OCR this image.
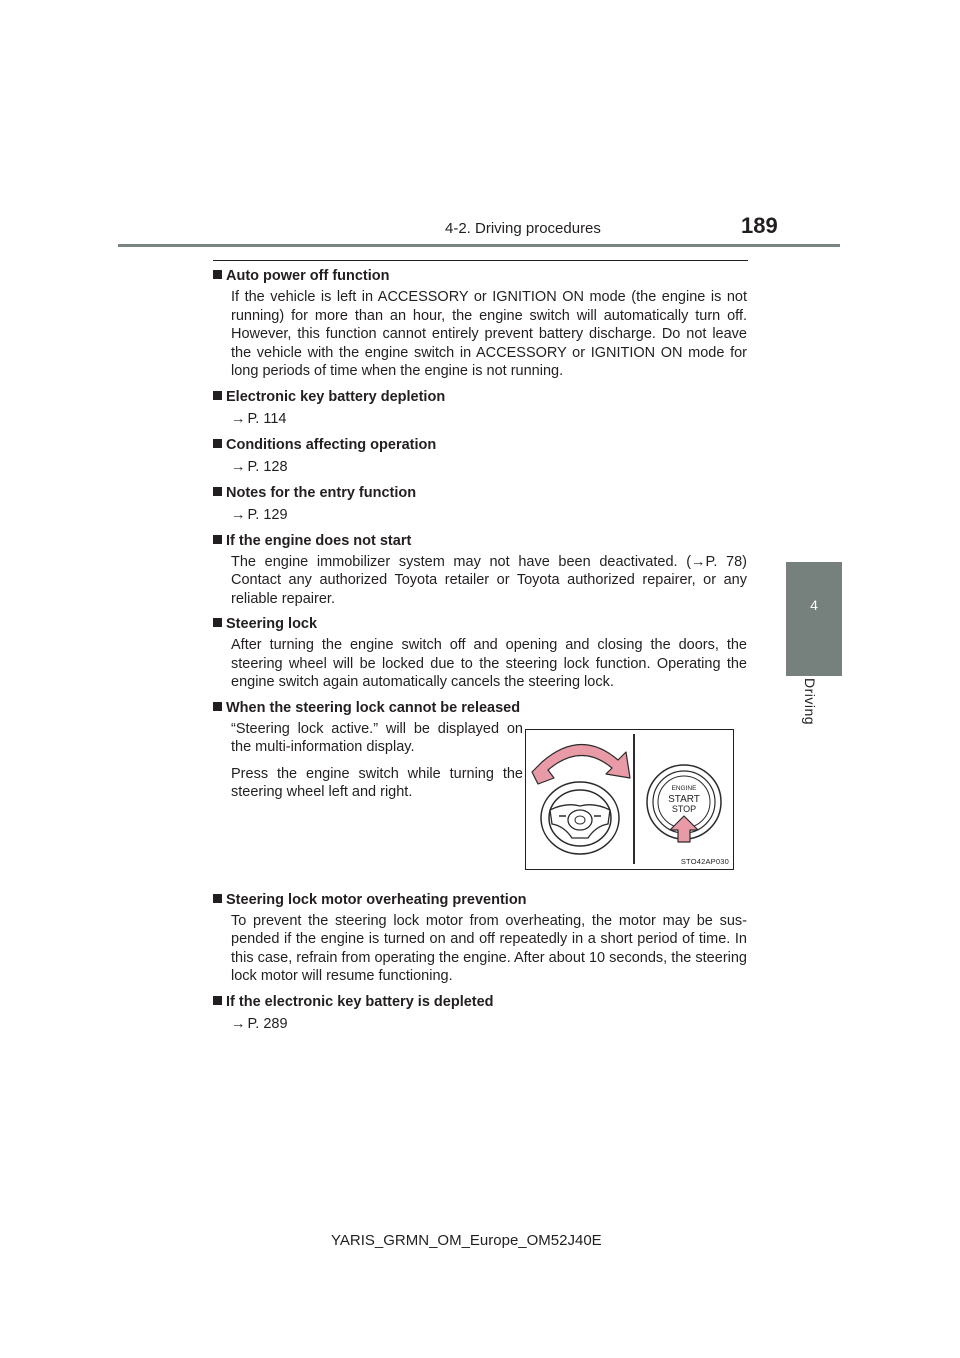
4-2. Driving procedures	189
4
Driving

Auto power off function

If the vehicle is left in ACCESSORY or IGNITION ON mode (the engine is not running) for more than an hour, the engine switch will automatically turn off. However, this function cannot entirely prevent battery discharge. Do not leave the vehicle with the engine switch in ACCESSORY or IGNITION ON mode for long periods of time when the engine is not running.

Electronic key battery depletion

→ P. 114

Conditions affecting operation

→ P. 128

Notes for the entry function

→ P. 129

If the engine does not start

The engine immobilizer system may not have been deactivated. (→P. 78) Contact any authorized Toyota retailer or Toyota authorized repairer, or any reliable repairer.

Steering lock

After turning the engine switch off and opening and closing the doors, the steering wheel will be locked due to the steering lock function. Operating the engine switch again automatically cancels the steering lock.

When the steering lock cannot be released

“Steering lock active.” will be displayed on the multi-information display.

Press the engine switch while turning the steering wheel left and right.	ENGINE
START
STOP
STO42AP030

Steering lock motor overheating prevention

To prevent the steering lock motor from overheating, the motor may be sus-pended if the engine is turned on and off repeatedly in a short period of time. In this case, refrain from operating the engine. After about 10 seconds, the steering lock motor will resume functioning.

If the electronic key battery is depleted

→ P. 289

YARIS_GRMN_OM_Europe_OM52J40E
